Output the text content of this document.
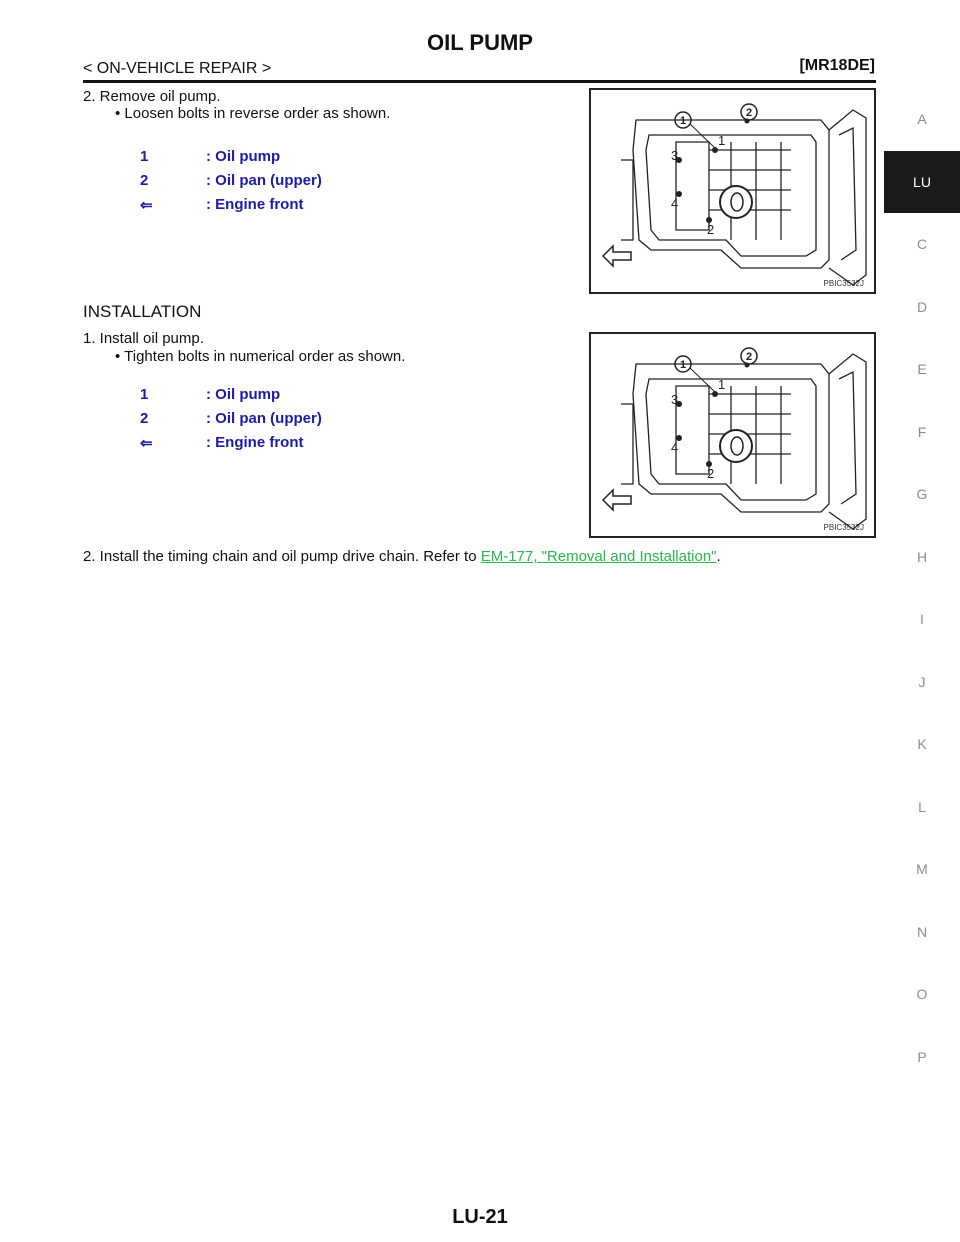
OIL PUMP
< ON-VEHICLE REPAIR >	[MR18DE]
A
LU
C
D
E
F
G
H
I
J
K
L
M
N
O
P
2. Remove oil pump.
• Loosen bolts in reverse order as shown.
1	: Oil pump
2	: Oil pan (upper)
⇐	: Engine front
1
2
1
2
3
4
PBIC3532J
INSTALLATION
1. Install oil pump.
• Tighten bolts in numerical order as shown.
1	: Oil pump
2	: Oil pan (upper)
⇐	: Engine front
1
2
1
2
3
4
PBIC3532J
2. Install the timing chain and oil pump drive chain. Refer to EM-177, "Removal and Installation".
LU-21
